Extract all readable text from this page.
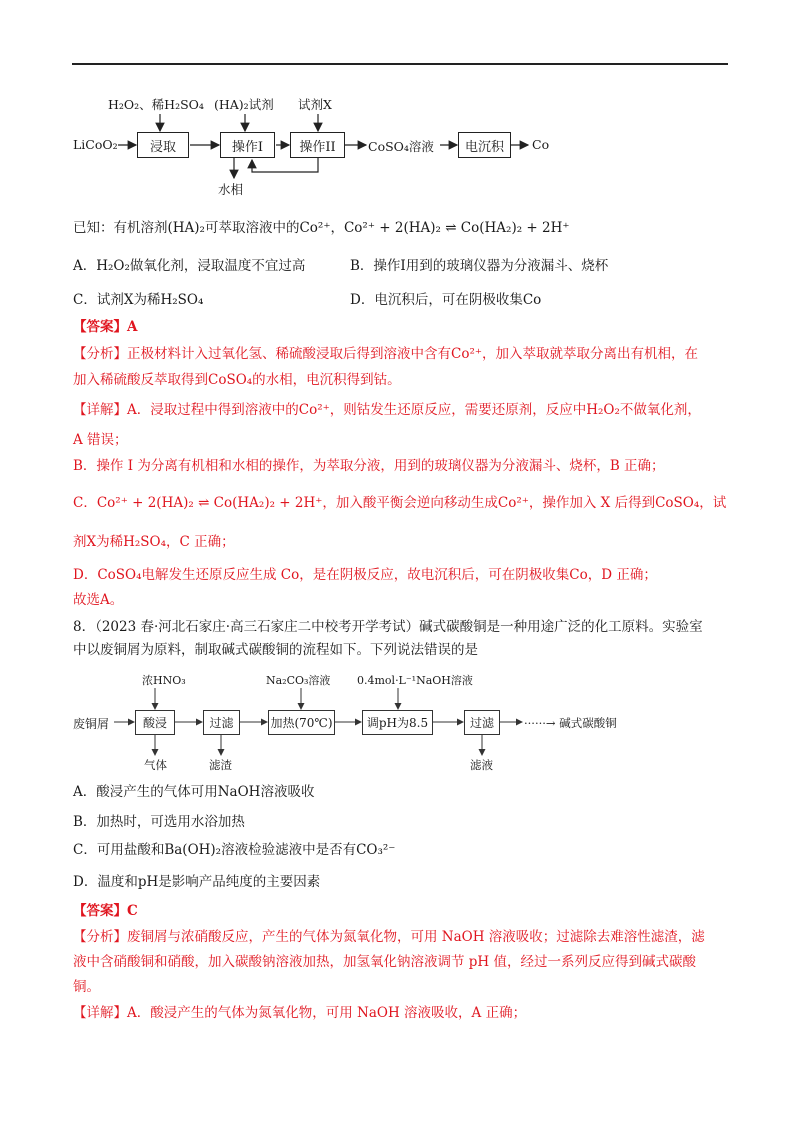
H₂O₂、稀H₂SO₄ (HA)₂试剂 试剂X
LiCoO₂	浸取	操作I	操作II	CoSO₄溶液	电沉积	Co
水相
已知：有机溶剂(HA)₂可萃取溶液中的Co²⁺，Co²⁺ + 2(HA)₂ ⇌ Co(HA₂)₂ + 2H⁺
A．H₂O₂做氧化剂，浸取温度不宜过高	B．操作I用到的玻璃仪器为分液漏斗、烧杯
C．试剂X为稀H₂SO₄	D．电沉积后，可在阴极收集Co
【答案】A
【分析】正极材料计入过氧化氢、稀硫酸浸取后得到溶液中含有Co²⁺，加入萃取就萃取分离出有机相，在
加入稀硫酸反萃取得到CoSO₄的水相，电沉积得到钴。
【详解】A．浸取过程中得到溶液中的Co²⁺，则钴发生还原反应，需要还原剂，反应中H₂O₂不做氧化剂，
A 错误；
B．操作 I 为分离有机相和水相的操作，为萃取分液，用到的玻璃仪器为分液漏斗、烧杯，B 正确；
C．Co²⁺ + 2(HA)₂ ⇌ Co(HA₂)₂ + 2H⁺，加入酸平衡会逆向移动生成Co²⁺，操作加入 X 后得到CoSO₄，试
剂X为稀H₂SO₄，C 正确；
D．CoSO₄电解发生还原反应生成 Co，是在阴极反应，故电沉积后，可在阴极收集Co，D 正确；
故选A。
8．（2023 春·河北石家庄·高三石家庄二中校考开学考试）碱式碳酸铜是一种用途广泛的化工原料。实验室
中以废铜屑为原料，制取碱式碳酸铜的流程如下。下列说法错误的是
浓HNO₃	Na₂CO₃溶液 0.4mol·L⁻¹NaOH溶液
废铜屑	酸浸	过滤	加热(70℃)	调pH为8.5	过滤	······→ 碱式碳酸铜
气体	滤渣	滤液
A．酸浸产生的气体可用NaOH溶液吸收
B．加热时，可选用水浴加热
C．可用盐酸和Ba(OH)₂溶液检验滤液中是否有CO₃²⁻
D．温度和pH是影响产品纯度的主要因素
【答案】C
【分析】废铜屑与浓硝酸反应，产生的气体为氮氧化物，可用 NaOH 溶液吸收；过滤除去难溶性滤渣，滤
液中含硝酸铜和硝酸，加入碳酸钠溶液加热，加氢氧化钠溶液调节 pH 值，经过一系列反应得到碱式碳酸
铜。
【详解】A．酸浸产生的气体为氮氧化物，可用 NaOH 溶液吸收，A 正确；
